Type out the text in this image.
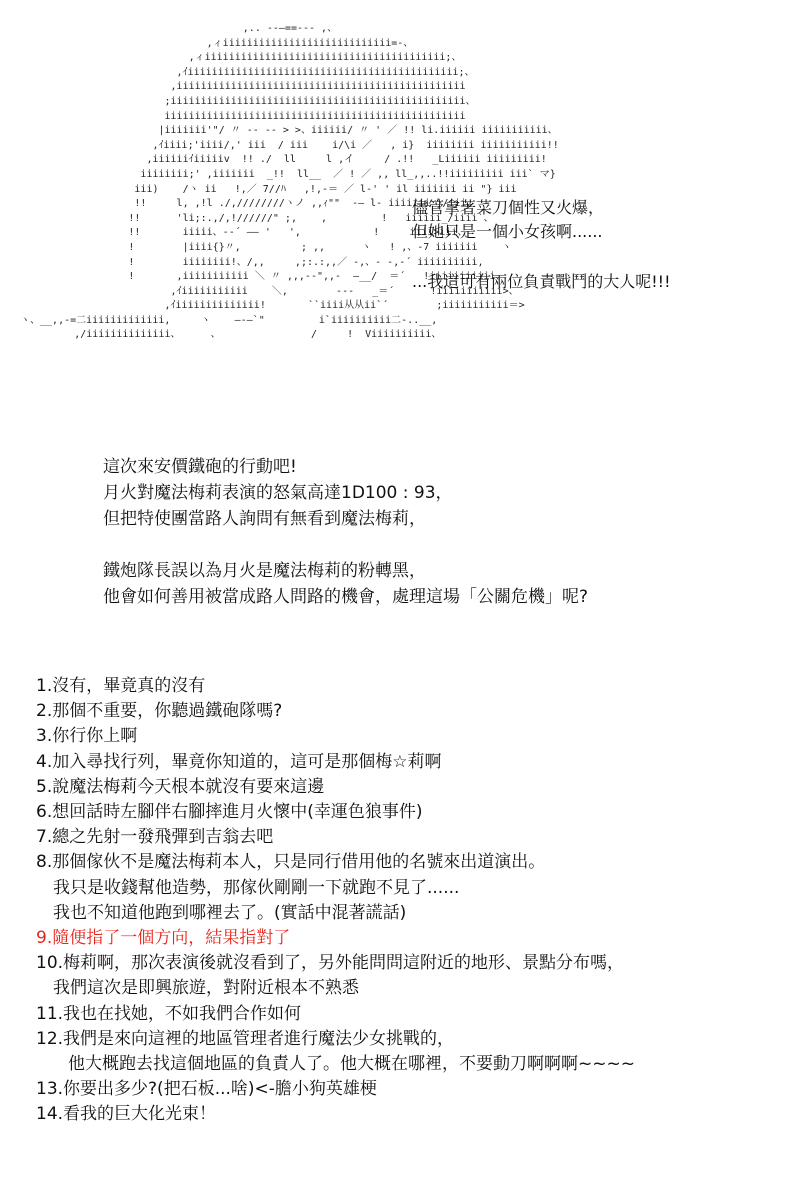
,.. --―==-‐- ,、
,ィiiiiiiiiiiiiiiiiiiiiiiiiiiii=-、
,ィiiiiiiiiiiiiiiiiiiiiiiiiiiiiiiiiiiiiiiii;、
,ｲiiiiiiiiiiiiiiiiiiiiiiiiiiiiiiiiiiiiiiiiiiiii;、
,iiiiiiiiiiiiiiiiiiiiiiiiiiiiiiiiiiiiiiiiiiiiiiii
;iiiiiiiiiiiiiiiiiiiiiiiiiiiiiiiiiiiiiiiiiiiiiiiii、
iiiiiiiiiiiiiiiiiiiiiiiiiiiiiiiiiiiiiiiiiiiiiiiiii
|iiiiiii'"/ 〃 ‐‐ ‐- > >、iiiiii/ 〃 ' ／ !! li.iiiiii iiiiiiiiiii、
,ｲiiii;'iiii/,' iii  / iii    i/\i ／   , i}  iiiiiiii iiiiiiiiiii!!
,iiiiiiｲiiiiiv  !! ./  ll     l ,イ     / .!!   _Liiiiii iiiiiiiii!
iiiiiiii;' ,iiiiiii  _!!  ll__  ／ ! ／ ,, ll_,,..!!iiiiiiiii iii` マ}
iii)    /ヽ ii   !,／ 7//ﾊ   ,!,‐＝ ／ l‐' ' il iiiiiii ii "} iii
!!     l, ,!l ./,////////ヽノ ,,ｨ""  ‐― l‐ iiiiiii }/iii、
!!      'li;:.,/,!//////" ;,    ,         !   iiiiii_/iiii`、
!!       iiiii、‐-´ ―― '   ',            !     iiii>iii、
!        |iiii{}〃,          ; ,,      ヽ   ! ,、‐7 iiiiiii    ヽ
!        iiiiiiii!、/,,     ,;:.:,,／ ‐,、‐ ‐,-´ iiiiiiiiii,
!       ,iiiiiiiiiii ＼ 〃 ,,,-‐",,-  ―__/  ＝´   !iiiiiiiiiii、
,ｲiiiiiiiiiii    ＼,        ‐‐‐   _＝´      !iiiiiiiiiii>、
,ｲiiiiiiiiiiiiii!       ``iiii从从ii`´        ;iiiiiiiiiii＝>
ヽ、__,,-=二iiiiiiiiiiiii,     ヽ    ―‐―`"         i`iiiiiiiiii二-..__,
,/iiiiiiiiiiiiii、     、               /     !  Viiiiiiiiii、
儘管拿著菜刀個性又火爆，
但她只是一個小女孩啊......
...我這可有兩位負責戰鬥的大人呢!!!
這次來安價鐵砲的行動吧!
月火對魔法梅莉表演的怒氣高達1D100 : 93，
但把特使團當路人詢問有無看到魔法梅莉，
鐵炮隊長誤以為月火是魔法梅莉的粉轉黑，
他會如何善用被當成路人問路的機會，處理這場「公關危機」呢?
1.沒有，畢竟真的沒有
2.那個不重要，你聽過鐵砲隊嗎?
3.你行你上啊
4.加入尋找行列，畢竟你知道的，這可是那個梅☆莉啊
5.說魔法梅莉今天根本就沒有要來這邊
6.想回話時左腳伴右腳摔進月火懷中(幸運色狼事件)
7.總之先射一發飛彈到吉翁去吧
8.那個傢伙不是魔法梅莉本人，只是同行借用他的名號來出道演出。
我只是收錢幫他造勢，那傢伙剛剛一下就跑不見了......
我也不知道他跑到哪裡去了。(實話中混著謊話)
9.隨便指了一個方向，結果指對了
10.梅莉啊，那次表演後就沒看到了，另外能問問這附近的地形、景點分布嗎，
我們這次是即興旅遊，對附近根本不熟悉
11.我也在找她，不如我們合作如何
12.我們是來向這裡的地區管理者進行魔法少女挑戰的，
他大概跑去找這個地區的負責人了。他大概在哪裡，不要動刀啊啊啊~~~~
13.你要出多少?(把石板...啥)<-膽小狗英雄梗
14.看我的巨大化光束！
